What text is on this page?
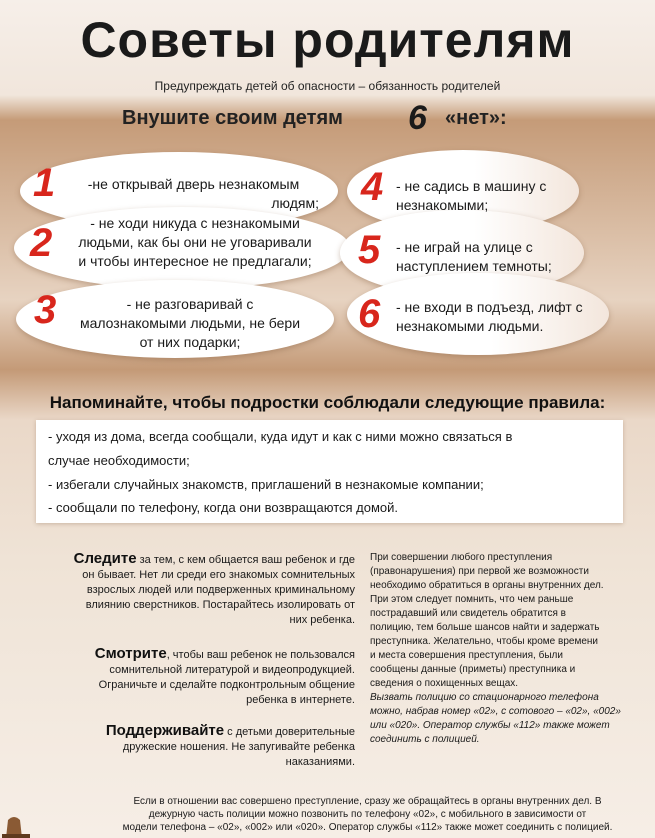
Советы родителям
Предупреждать детей об опасности – обязанность родителей
Внушите своим детям 6 «нет»:
1	-не открывай дверь незнакомым
людям;
2	- не ходи никуда с незнакомыми
людьми, как бы они не уговаривали
и чтобы интересное не предлагали;
3	- не разговаривай с
малознакомыми людьми, не бери
от них подарки;
4 - не садись в машину с
незнакомыми;
5 - не играй на улице с
наступлением темноты;
6 - не входи в подъезд, лифт с
незнакомыми людьми.
Напоминайте, чтобы подростки соблюдали следующие правила:
- уходя из дома, всегда сообщали, куда идут и как с ними можно связаться в
случае необходимости;
- избегали случайных знакомств, приглашений в незнакомые компании;
- сообщали по телефону, когда они возвращаются домой.
Следите за тем, с кем общается ваш ребенок и где
он бывает. Нет ли среди его знакомых сомнительных
взрослых людей или подверженных криминальному
влиянию сверстников. Постарайтесь изолировать от
них ребенка.
Смотрите, чтобы ваш ребенок не пользовался
сомнительной литературой и видеопродукцией.
Ограничьте и сделайте подконтрольным общение
ребенка в интернете.
Поддерживайте с детьми доверительные
дружеские ношения. Не запугивайте ребенка
наказаниями.
При совершении любого преступления
(правонарушения) при первой же возможности
необходимо обратиться в органы внутренних дел.
При этом следует помнить, что чем раньше
пострадавший или свидетель обратится в
полицию, тем больше шансов найти и задержать
преступника. Желательно, чтобы кроме времени
и места совершения преступления, были
сообщены данные (приметы) преступника и
сведения о похищенных вещах.
Вызвать полицию со стационарного телефона
можно, набрав номер «02», с сотового – «02», «002»
или «020». Оператор службы «112» также может
соединить с полицией.
Если в отношении вас совершено преступление, сразу же обращайтесь в органы внутренних дел. В
дежурную часть полиции можно позвонить по телефону «02», с мобильного в зависимости от
модели телефона – «02», «002» или «020». Оператор службы «112» также может соединить с полицией.
